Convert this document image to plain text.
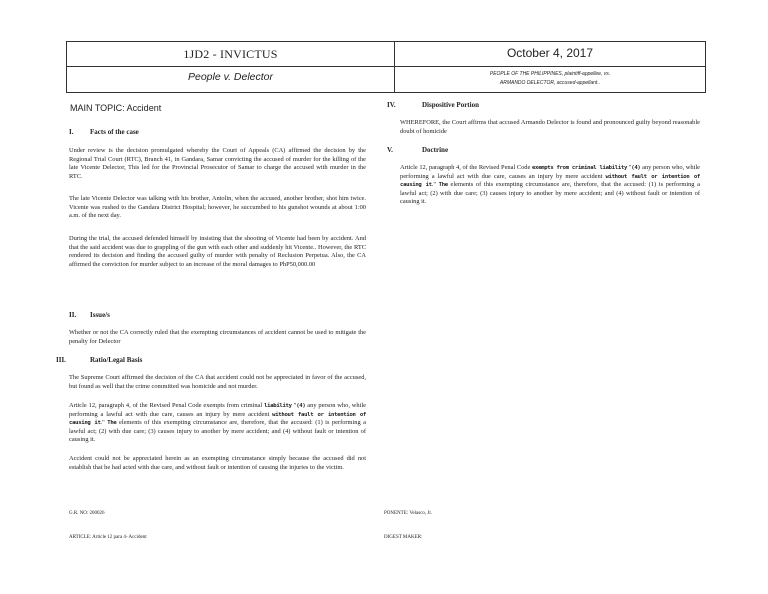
1JD2 - INVICTUS	October 4, 2017
People v. Delector	PEOPLE OF THE PHILIPPINES, plaintiff-appellee, vs.
ARMANDO DELECTOR, accused-appellant..
MAIN TOPIC: Accident
I. Facts of the case
Under review is the decision promulgated whereby the Court of Appeals (CA) affirmed the decision by the Regional Trial Court (RTC), Branch 41, in Gandara, Samar convicting the accused of murder for the killing of the late Vicente Delector, This led for the Provincial Prosecutor of Samar to charge the accused with murder in the RTC.
The late Vicente Delector was talking with his brother, Antolin, when the accused, another brother, shot him twice. Vicente was rushed to the Gandara District Hospital; however, he succumbed to his gunshot wounds at about 1:00 a.m. of the next day.
During the trial, the accused defended himself by insisting that the shooting of Vicente had been by accident. And that the said accident was due to grappling of the gun with each other and suddenly hit Vicente.. However, the RTC rendered its decision and finding the accused guilty of murder with penalty of Reclusion Perpetua. Also, the CA affirmed the conviction for murder subject to an increase of the moral damages to PhP50,000.00
II. Issue/s
Whether or not the CA correctly ruled that the exempting circumstances of accident cannot be used to mitigate the penalty for Delector
III.	Ratio/Legal Basis
The Supreme Court affirmed the decision of the CA that accident could not be appreciated in favor of the accused, but found as well that the crime committed was homicide and not murder.
Article 12, paragraph 4, of the Revised Penal Code exempts from criminal liability "(4) any person who, while performing a lawful act with due care, causes an injury by mere accident without fault or intention of causing it." The elements of this exempting circumstance are, therefore, that the accused: (1) is performing a lawful act; (2) with due care; (3) causes injury to another by mere accident; and (4) without fault or intention of causing it.
Accident could not be appreciated herein as an exempting circumstance simply because the accused did not establish that he had acted with due care, and without fault or intention of causing the injuries to the victim.
G.R. NO: 200026
ARTICLE: Article 12 para 4- Accident
IV.	Dispositive Portion
WHEREFORE, the Court affirms that accused Armando Delector is found and pronounced guilty beyond reasonable doubt of homicide
V.	Doctrine
Article 12, paragraph 4, of the Revised Penal Code exempts from criminal liability "(4) any person who, while performing a lawful act with due care, causes an injury by mere accident without fault or intention of causing it." The elements of this exempting circumstance are, therefore, that the accused: (1) is performing a lawful act; (2) with due care; (3) causes injury to another by mere accident; and (4) without fault or intention of causing it.
PONENTE: Velasco, Jr.
DIGEST MAKER:
